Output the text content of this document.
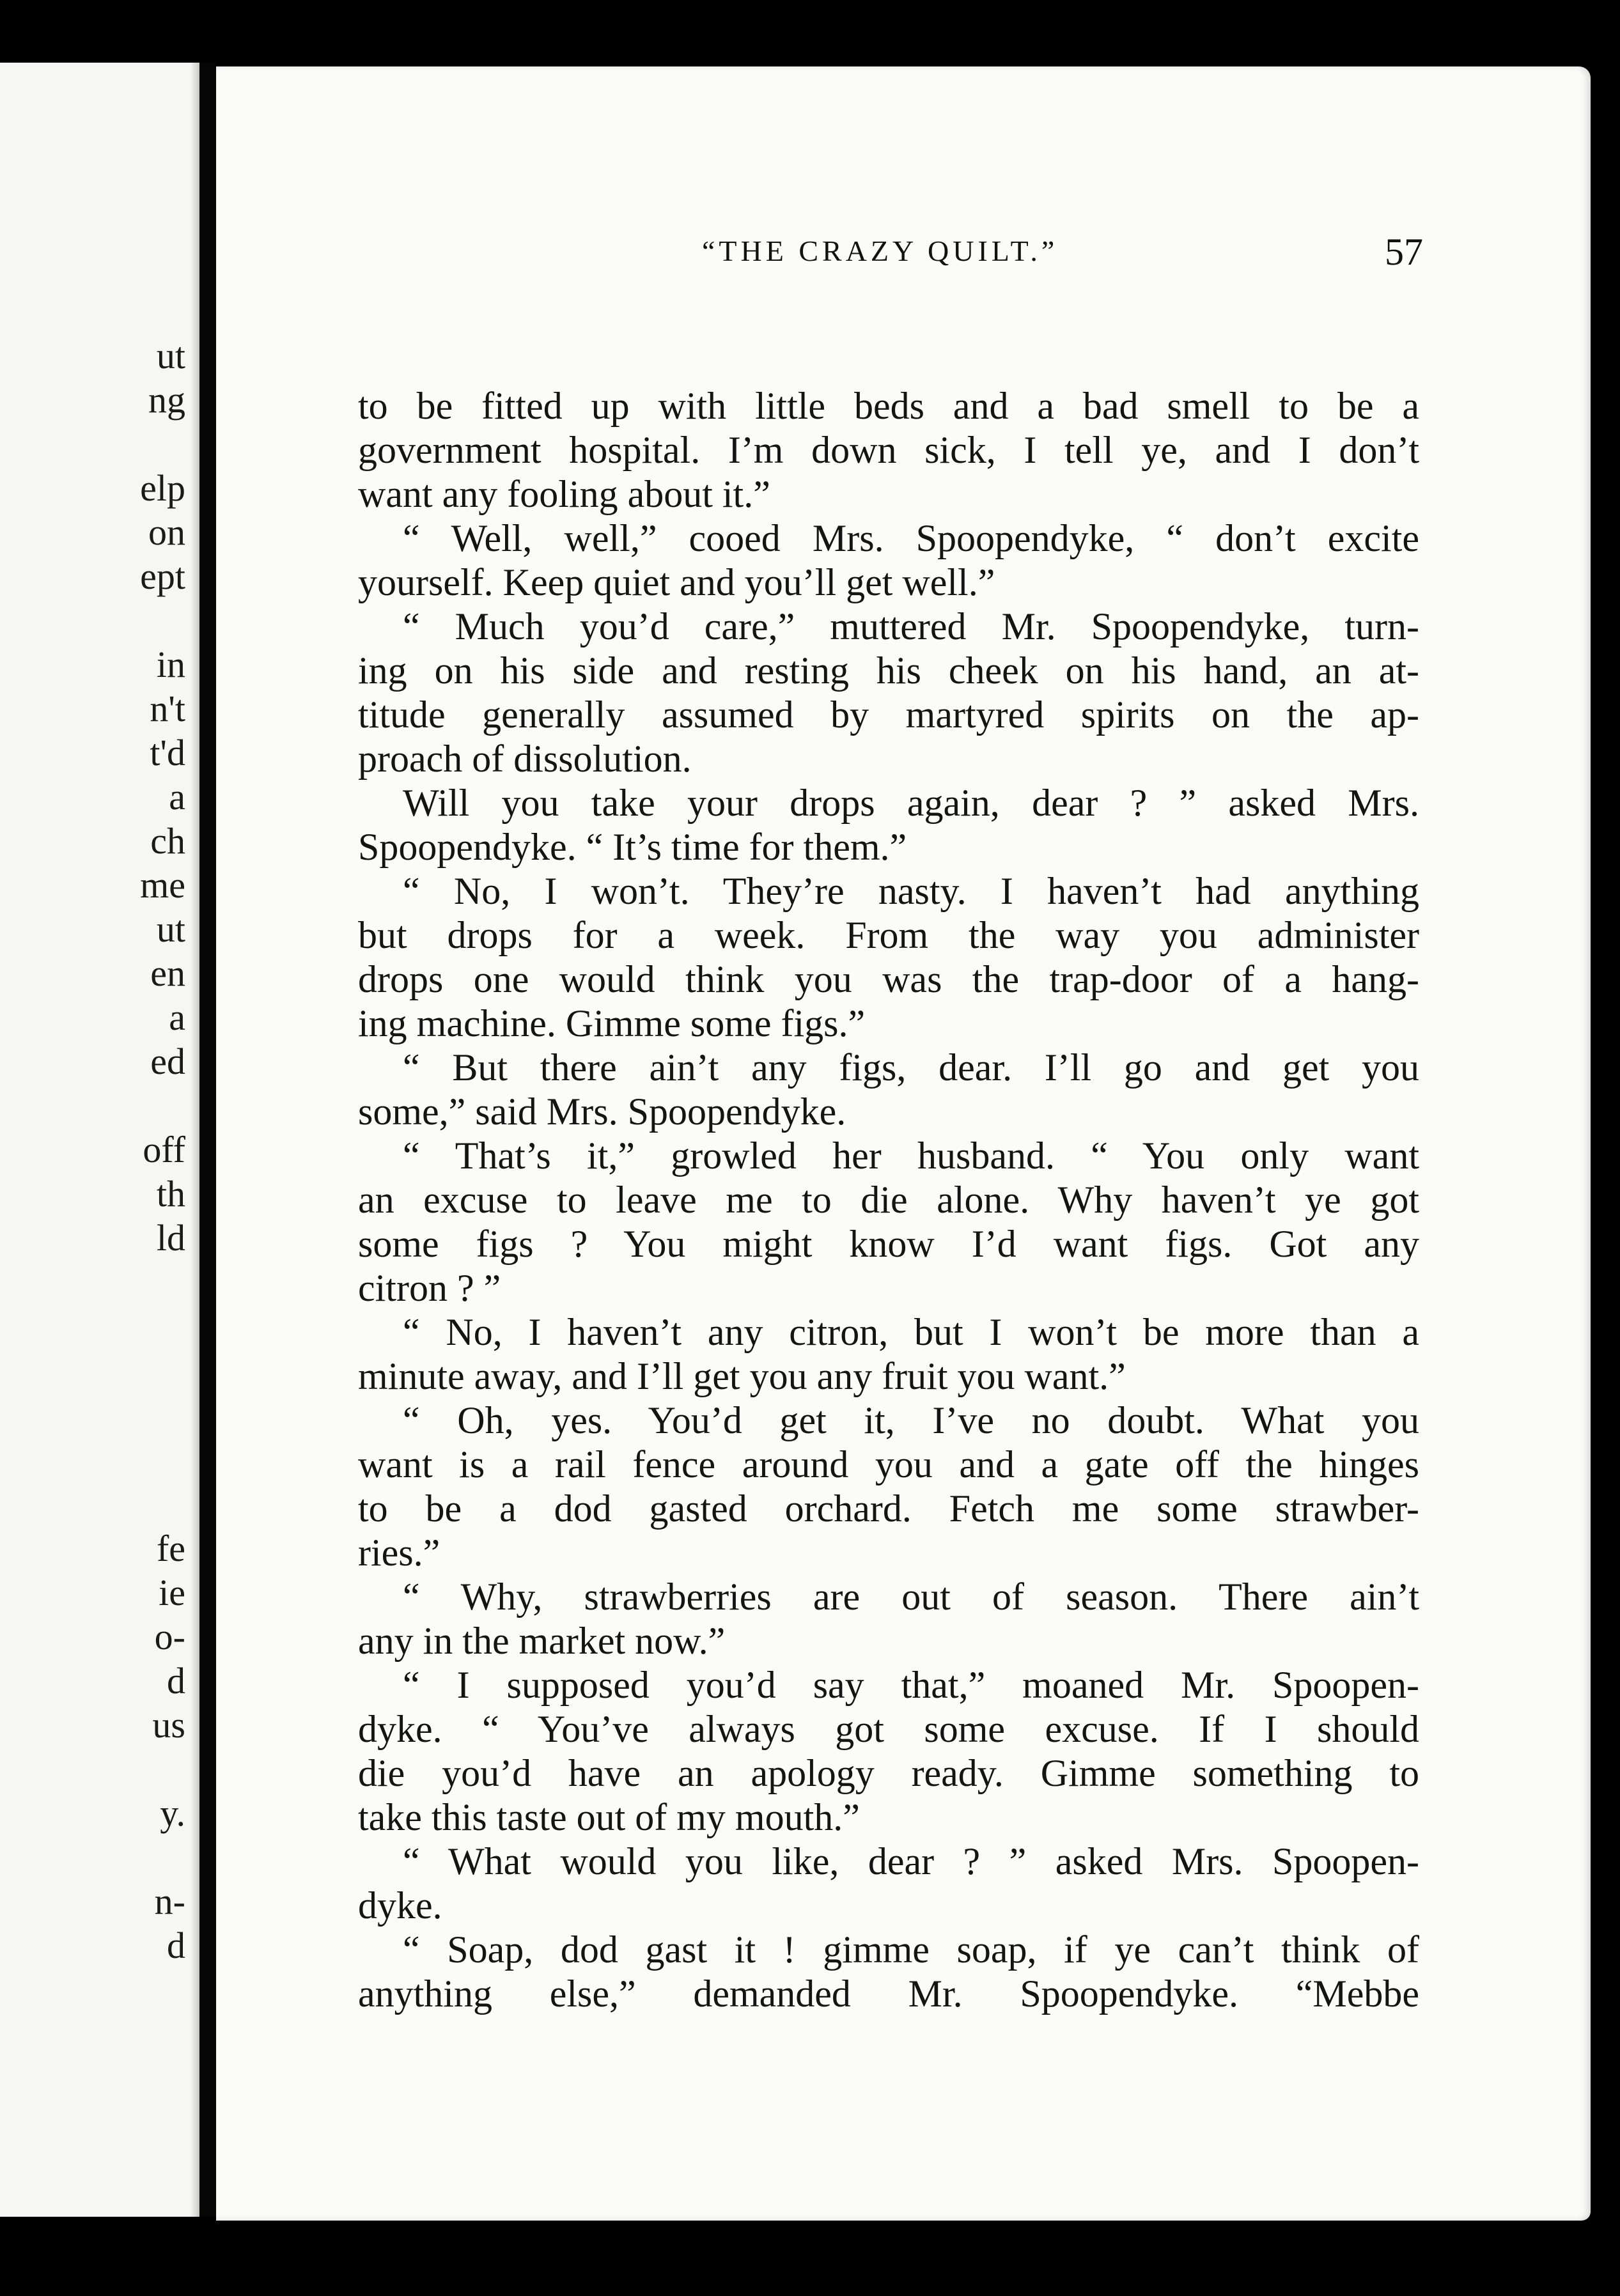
ut
ng
elp
on
ept
in
n't
t'd
a
ch
me
ut
en
a
ed
off
th
ld
fe
ie
o-
d
us
y.
n-
d
“THE CRAZY QUILT.”	57
to be fitted up with little beds and a bad smell to be a
government hospital. I’m down sick, I tell ye, and I don’t
want any fooling about it.”
“ Well, well,” cooed Mrs. Spoopendyke, “ don’t excite
yourself. Keep quiet and you’ll get well.”
“ Much you’d care,” muttered Mr. Spoopendyke, turn-
ing on his side and resting his cheek on his hand, an at-
titude generally assumed by martyred spirits on the ap-
proach of dissolution.
Will you take your drops again, dear ? ” asked Mrs.
Spoopendyke. “ It’s time for them.”
“ No, I won’t. They’re nasty. I haven’t had anything
but drops for a week. From the way you administer
drops one would think you was the trap-door of a hang-
ing machine. Gimme some figs.”
“ But there ain’t any figs, dear. I’ll go and get you
some,” said Mrs. Spoopendyke.
“ That’s it,” growled her husband. “ You only want
an excuse to leave me to die alone. Why haven’t ye got
some figs ? You might know I’d want figs. Got any
citron ? ”
“ No, I haven’t any citron, but I won’t be more than a
minute away, and I’ll get you any fruit you want.”
“ Oh, yes. You’d get it, I’ve no doubt. What you
want is a rail fence around you and a gate off the hinges
to be a dod gasted orchard. Fetch me some strawber-
ries.”
“ Why, strawberries are out of season. There ain’t
any in the market now.”
“ I supposed you’d say that,” moaned Mr. Spoopen-
dyke. “ You’ve always got some excuse. If I should
die you’d have an apology ready. Gimme something to
take this taste out of my mouth.”
“ What would you like, dear ? ” asked Mrs. Spoopen-
dyke.
“ Soap, dod gast it ! gimme soap, if ye can’t think of
anything else,” demanded Mr. Spoopendyke. “Mebbe
